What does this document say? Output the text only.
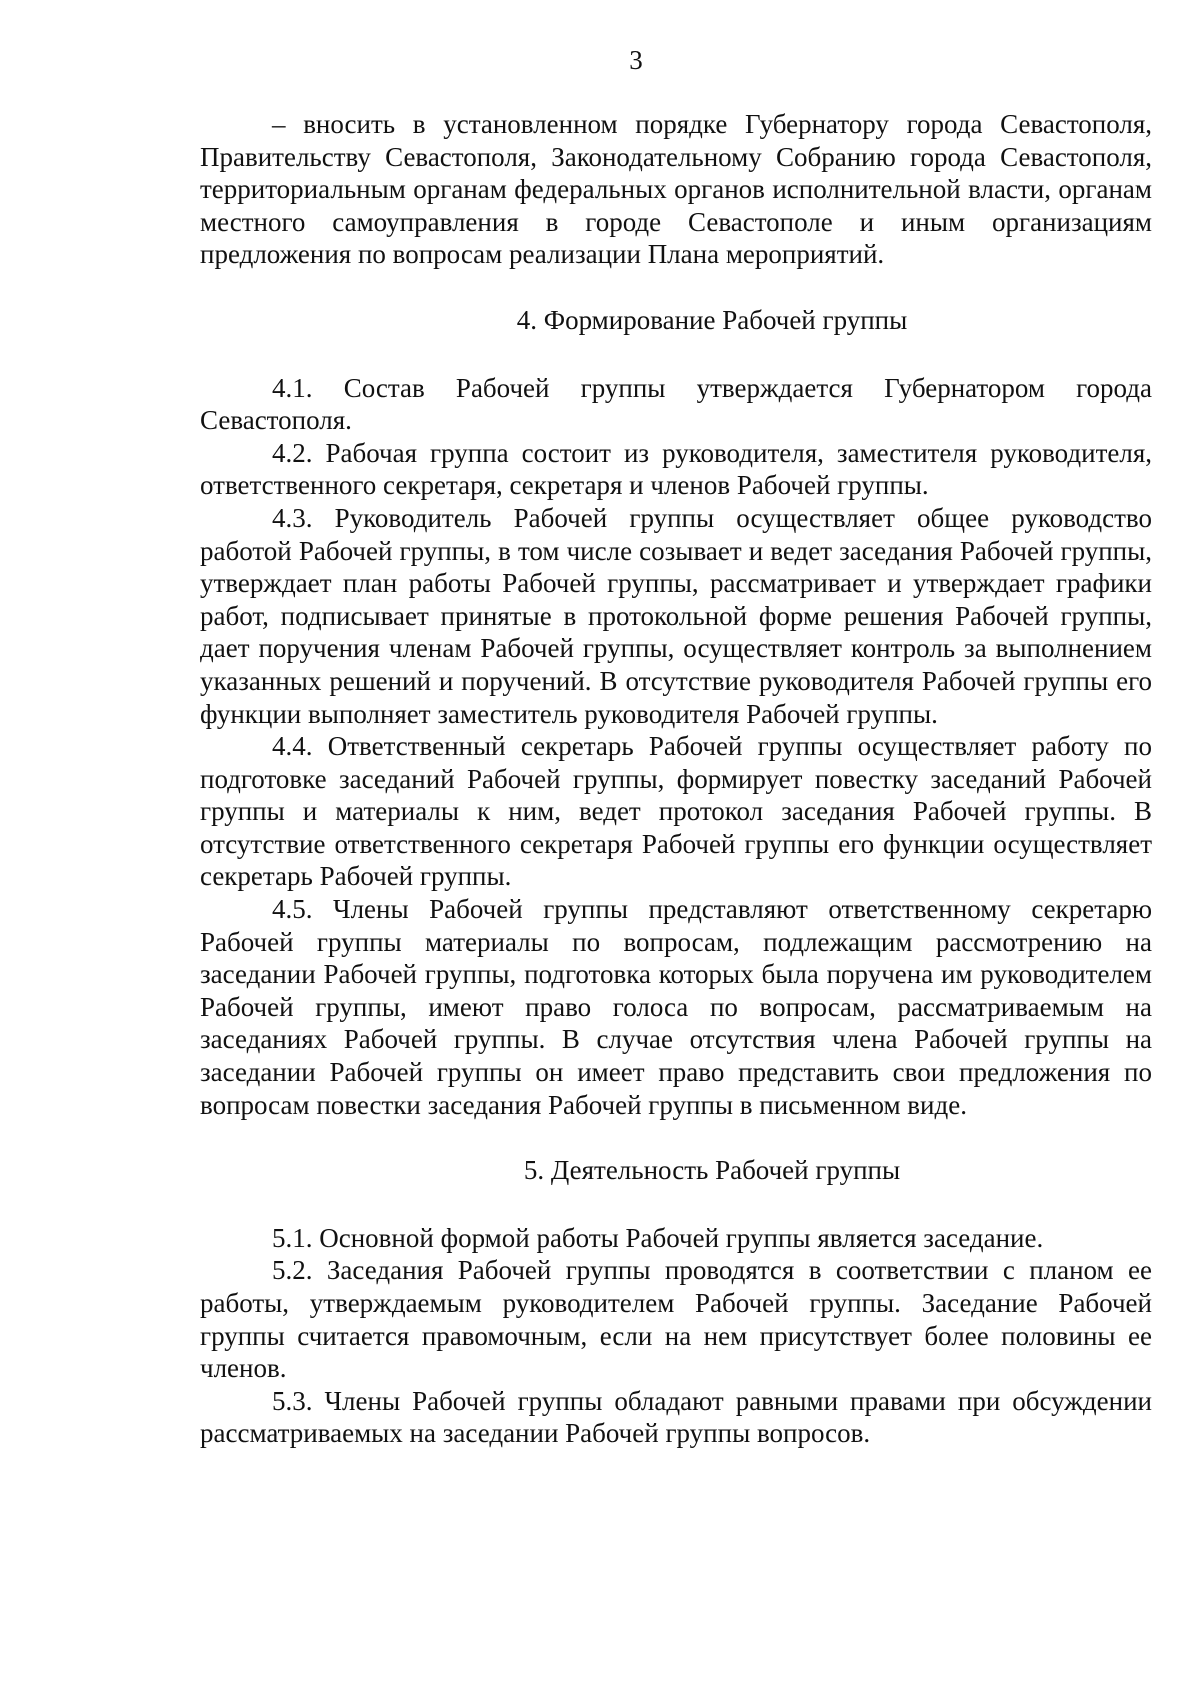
3

– вносить в установленном порядке Губернатору города Севастополя, Правительству Севастополя, Законодательному Собранию города Севастополя, территориальным органам федеральных органов исполнительной власти, органам местного самоуправления в городе Севастополе и иным организациям предложения по вопросам реализации Плана мероприятий.

4. Формирование Рабочей группы

4.1. Состав Рабочей группы утверждается Губернатором города Севастополя.

4.2. Рабочая группа состоит из руководителя, заместителя руководителя, ответственного секретаря, секретаря и членов Рабочей группы.

4.3. Руководитель Рабочей группы осуществляет общее руководство работой Рабочей группы, в том числе созывает и ведет заседания Рабочей группы, утверждает план работы Рабочей группы, рассматривает и утверждает графики работ, подписывает принятые в протокольной форме решения Рабочей группы, дает поручения членам Рабочей группы, осуществляет контроль за выполнением указанных решений и поручений. В отсутствие руководителя Рабочей группы его функции выполняет заместитель руководителя Рабочей группы.

4.4. Ответственный секретарь Рабочей группы осуществляет работу по подготовке заседаний Рабочей группы, формирует повестку заседаний Рабочей группы и материалы к ним, ведет протокол заседания Рабочей группы. В отсутствие ответственного секретаря Рабочей группы его функции осуществляет секретарь Рабочей группы.

4.5. Члены Рабочей группы представляют ответственному секретарю Рабочей группы материалы по вопросам, подлежащим рассмотрению на заседании Рабочей группы, подготовка которых была поручена им руководителем Рабочей группы, имеют право голоса по вопросам, рассматриваемым на заседаниях Рабочей группы. В случае отсутствия члена Рабочей группы на заседании Рабочей группы он имеет право представить свои предложения по вопросам повестки заседания Рабочей группы в письменном виде.

5. Деятельность Рабочей группы

5.1. Основной формой работы Рабочей группы является заседание.

5.2. Заседания Рабочей группы проводятся в соответствии с планом ее работы, утверждаемым руководителем Рабочей группы. Заседание Рабочей группы считается правомочным, если на нем присутствует более половины ее членов.

5.3. Члены Рабочей группы обладают равными правами при обсуждении рассматриваемых на заседании Рабочей группы вопросов.
